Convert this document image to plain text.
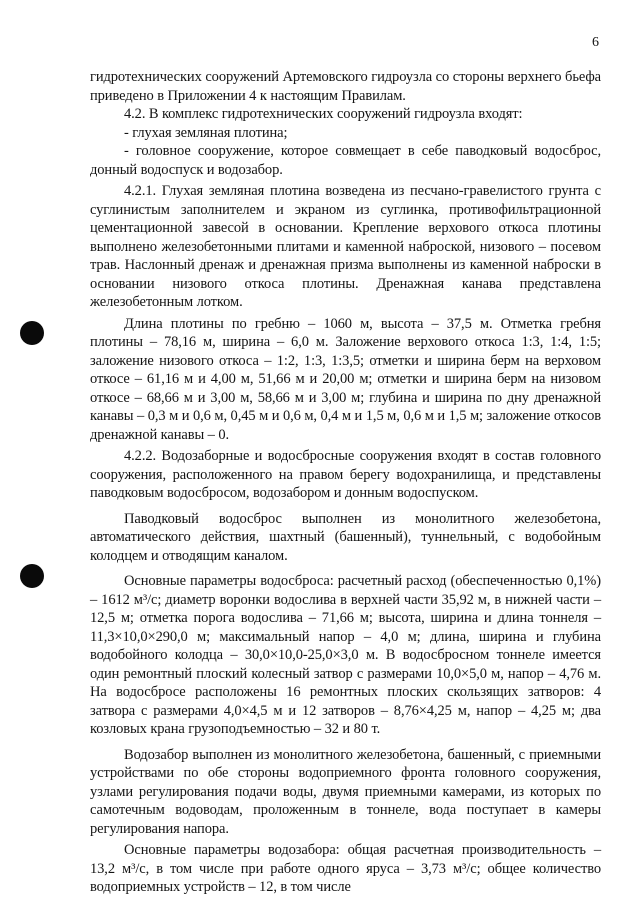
6

гидротехнических сооружений Артемовского гидроузла со стороны верхнего бьефа приведено в Приложении 4 к настоящим Правилам.

4.2. В комплекс гидротехнических сооружений гидроузла входят:

- глухая земляная плотина;

- головное сооружение, которое совмещает в себе паводковый водосброс, донный водоспуск и водозабор.

4.2.1. Глухая земляная плотина возведена из песчано-гравелистого грунта с суглинистым заполнителем и экраном из суглинка, противофильтрационной цементационной завесой в основании. Крепление верхового откоса плотины выполнено железобетонными плитами и каменной наброской, низового – посевом трав. Наслонный дренаж и дренажная призма выполнены из каменной наброски в основании низового откоса плотины. Дренажная канава представлена железобетонным лотком.

Длина плотины по гребню – 1060 м, высота – 37,5 м. Отметка гребня плотины – 78,16 м, ширина – 6,0 м. Заложение верхового откоса 1:3, 1:4, 1:5; заложение низового откоса – 1:2, 1:3, 1:3,5; отметки и ширина берм на верховом откосе – 61,16 м и 4,00 м, 51,66 м и 20,00 м; отметки и ширина берм на низовом откосе – 68,66 м и 3,00 м, 58,66 м и 3,00 м; глубина и ширина по дну дренажной канавы – 0,3 м и 0,6 м, 0,45 м и 0,6 м, 0,4 м и 1,5 м, 0,6 м и 1,5 м; заложение откосов дренажной канавы – 0.

4.2.2. Водозаборные и водосбросные сооружения входят в состав головного сооружения, расположенного на правом берегу водохранилища, и представлены паводковым водосбросом, водозабором и донным водоспуском.

Паводковый водосброс выполнен из монолитного железобетона, автоматического действия, шахтный (башенный), туннельный, с водобойным колодцем и отводящим каналом.

Основные параметры водосброса: расчетный расход (обеспеченностью 0,1%) – 1612 м³/с; диаметр воронки водослива в верхней части 35,92 м, в нижней части – 12,5 м; отметка порога водослива – 71,66 м; высота, ширина и длина тоннеля – 11,3×10,0×290,0 м; максимальный напор – 4,0 м; длина, ширина и глубина водобойного колодца – 30,0×10,0-25,0×3,0 м. В водосбросном тоннеле имеется один ремонтный плоский колесный затвор с размерами 10,0×5,0 м, напор – 4,76 м. На водосбросе расположены 16 ремонтных плоских скользящих затворов: 4 затвора с размерами 4,0×4,5 м и 12 затворов – 8,76×4,25 м, напор – 4,25 м; два козловых крана грузоподъемностью – 32 и 80 т.

Водозабор выполнен из монолитного железобетона, башенный, с приемными устройствами по обе стороны водоприемного фронта головного сооружения, узлами регулирования подачи воды, двумя приемными камерами, из которых по самотечным водоводам, проложенным в тоннеле, вода поступает в камеры регулирования напора.

Основные параметры водозабора: общая расчетная производительность – 13,2 м³/с, в том числе при работе одного яруса – 3,73 м³/с; общее количество водоприемных устройств – 12, в том числе
